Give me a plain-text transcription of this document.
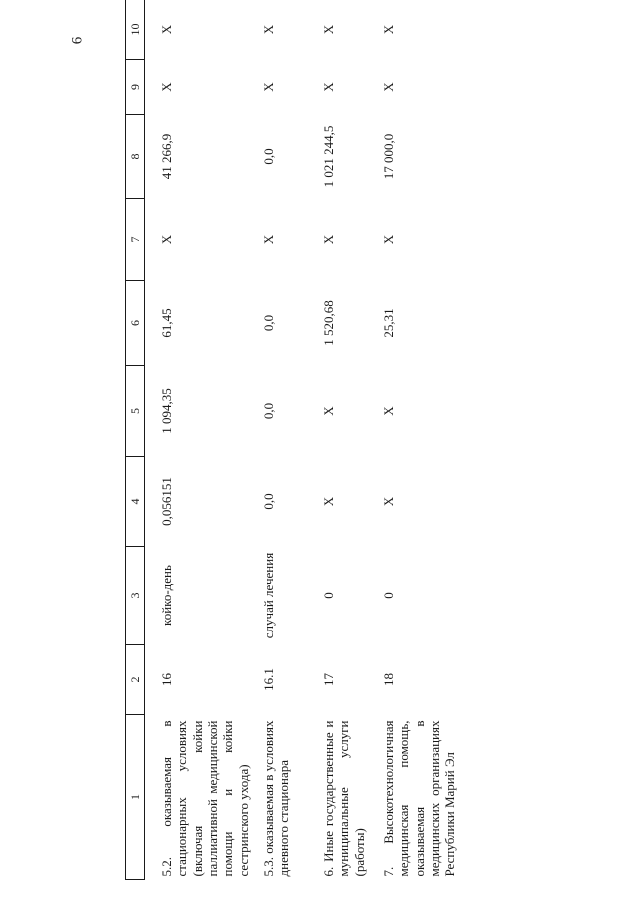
6
1	2	3	4	5	6	7	8	9	10
5.2. оказываемая в стационарных условиях (включая койки паллиативной медицинской помощи и койки сестринского ухода)	16	койко-день	0,056151	1 094,35	61,45	Х	41 266,9	Х	Х
5.3. оказываемая в условиях дневного стационара	16.1	случай лечения	0,0	0,0	0,0	Х	0,0	Х	Х
6. Иные государственные и муниципальные услуги (работы)	17	0	Х	Х	1 520,68	Х	1 021 244,5	Х	Х
7. Высокотехнологичная медицинская помощь, оказываемая в медицинских организациях Республики Марий Эл	18	0	Х	Х	25,31	Х	17 000,0	Х	Х
